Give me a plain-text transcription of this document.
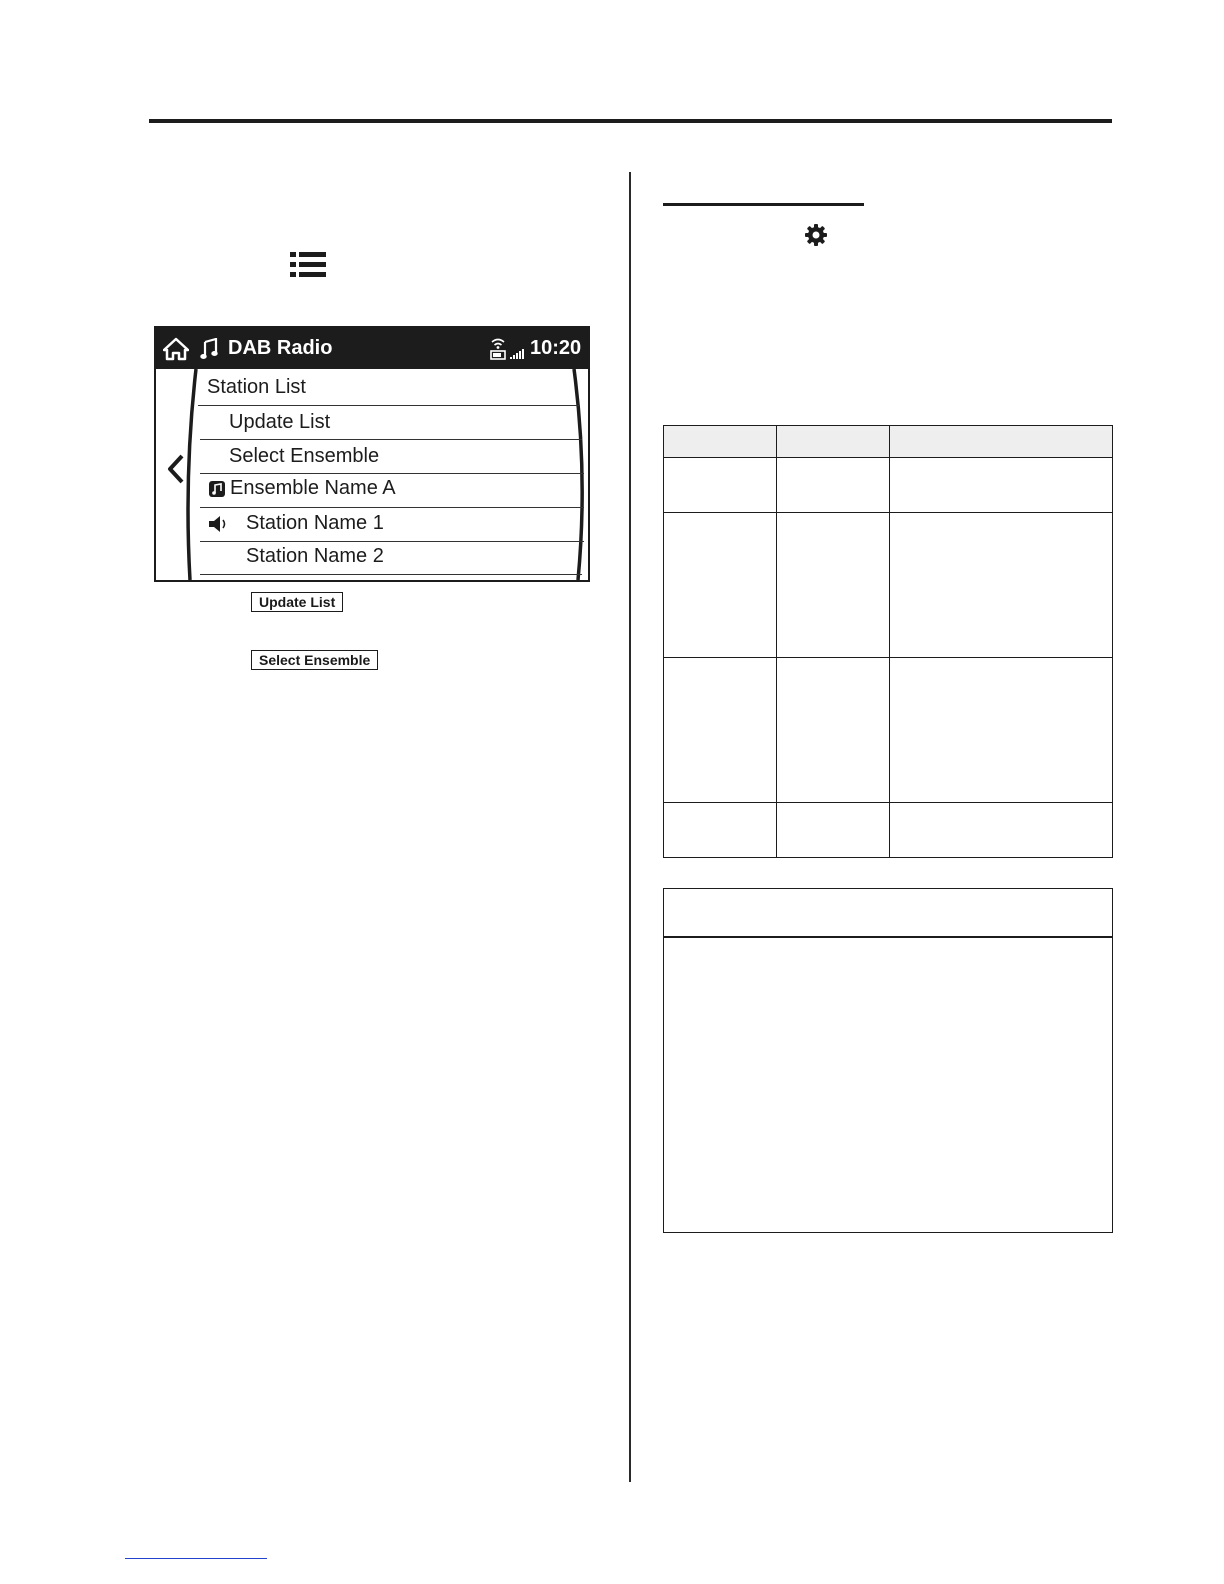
DAB Radio	10:20
Station List
Update List
Select Ensemble
Ensemble Name A
Station Name 1
Station Name 2
Update List
Select Ensemble
